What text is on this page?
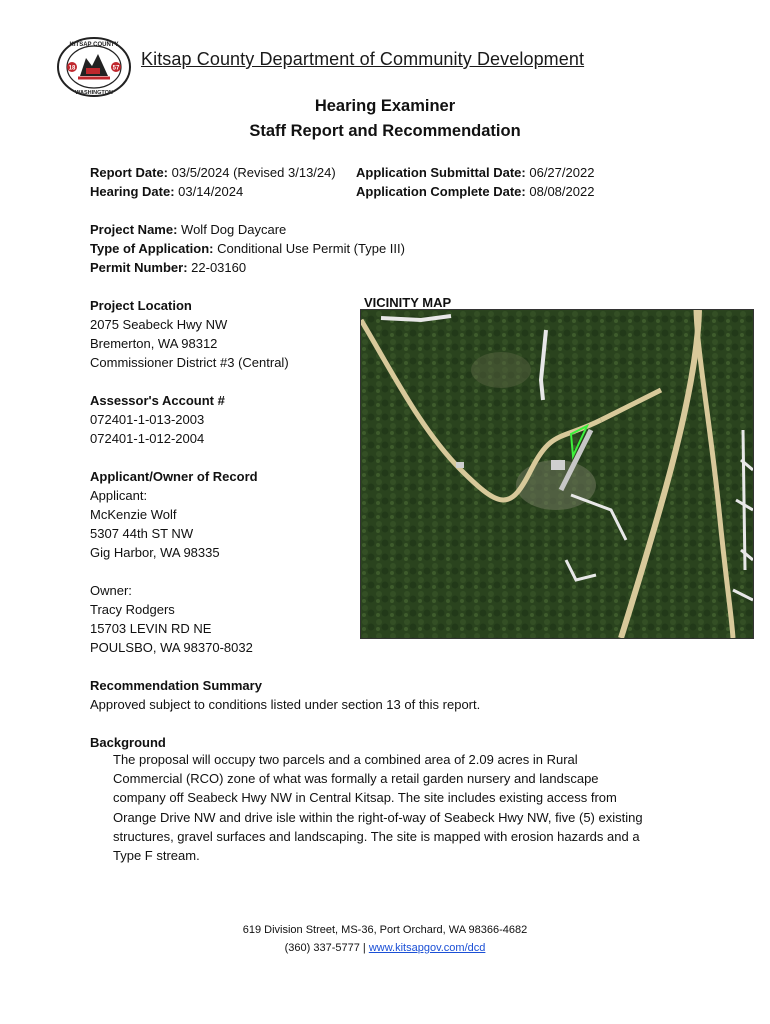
KITSAP COUNTY
WASHINGTON
18	57 Kitsap County Department of Community Development
Hearing Examiner
Staff Report and Recommendation
Report Date: 03/5/2024 (Revised 3/13/24) Application Submittal Date: 06/27/2022
Hearing Date: 03/14/2024	Application Complete Date: 08/08/2022
Project Name: Wolf Dog Daycare
Type of Application: Conditional Use Permit (Type III)
Permit Number: 22-03160
Project Location
2075 Seabeck Hwy NW
Bremerton, WA 98312
Commissioner District #3 (Central)
Assessor's Account #
072401-1-013-2003
072401-1-012-2004
Applicant/Owner of Record
Applicant:
McKenzie Wolf
5307 44th ST NW
Gig Harbor, WA 98335
Owner:
Tracy Rodgers
15703 LEVIN RD NE
POULSBO, WA 98370-8032
VICINITY MAP
Recommendation Summary
Approved subject to conditions listed under section 13 of this report.
Background
The proposal will occupy two parcels and a combined area of 2.09 acres in Rural
Commercial (RCO) zone of what was formally a retail garden nursery and landscape
company off Seabeck Hwy NW in Central Kitsap. The site includes existing access from
Orange Drive NW and drive isle within the right-of-way of Seabeck Hwy NW, five (5) existing
structures, gravel surfaces and landscaping. The site is mapped with erosion hazards and a
Type F stream.
619 Division Street, MS-36, Port Orchard, WA 98366-4682
(360) 337-5777 | www.kitsapgov.com/dcd
